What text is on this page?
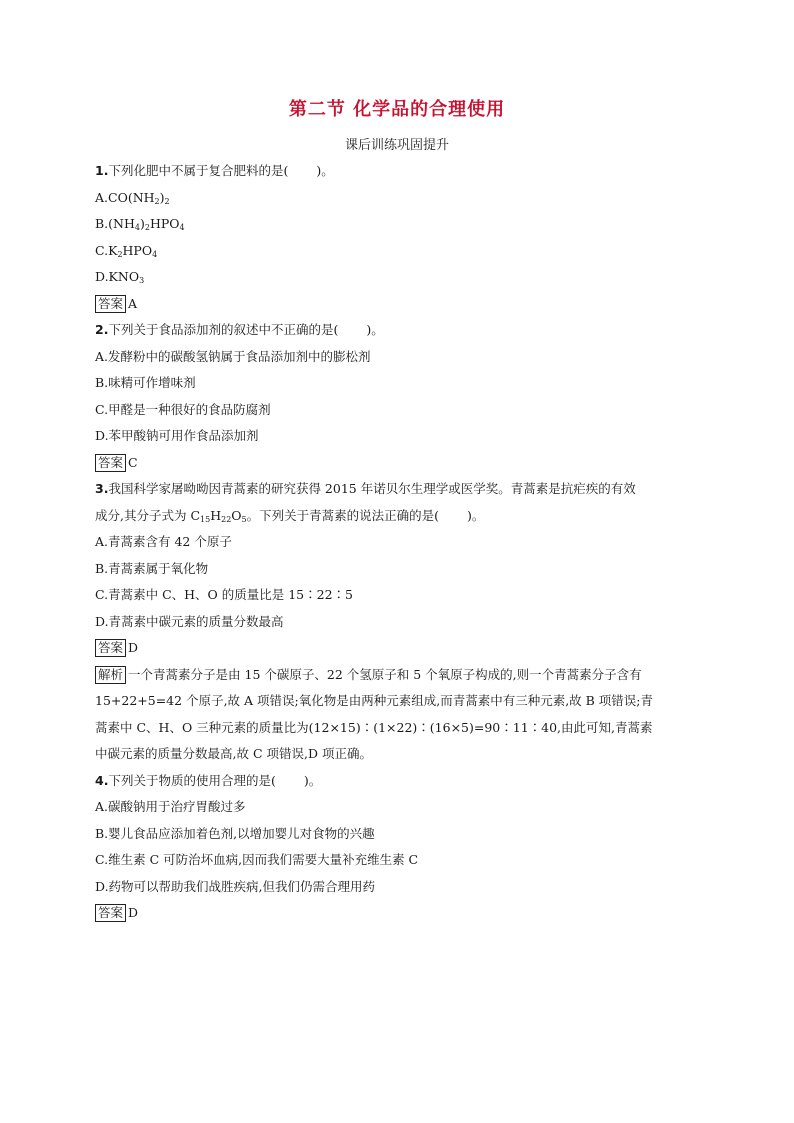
第二节 化学品的合理使用
课后训练巩固提升
1.下列化肥中不属于复合肥料的是( )。
$A.CO(NH_2)_2$
$B.(NH_4)_2HPO_4$
$C.K_2HPO_4$
$D.KNO_3$
答案 A
2.下列关于食品添加剂的叙述中不正确的是( )。
A.发酵粉中的碳酸氢钠属于食品添加剂中的膨松剂
B.味精可作增味剂
C.甲醛是一种很好的食品防腐剂
D.苯甲酸钠可用作食品添加剂
答案 C
3.我国科学家屠呦呦因青蒿素的研究获得 2015 年诺贝尔生理学或医学奖。青蒿素是抗疟疾的有效
成分,其分子式为 $C_{15}H_{22}O_5$。下列关于青蒿素的说法正确的是( )。
A.青蒿素含有 42 个原子
B.青蒿素属于氧化物
C.青蒿素中 C、H、O 的质量比是 15∶22∶5
D.青蒿素中碳元素的质量分数最高
答案 D
解析 一个青蒿素分子是由 15 个碳原子、22 个氢原子和 5 个氧原子构成的,则一个青蒿素分子含有
15+22+5=42 个原子,故 A 项错误;氧化物是由两种元素组成,而青蒿素中有三种元素,故 B 项错误;青
蒿素中 C、H、O 三种元素的质量比为(12×15)∶(1×22)∶(16×5)=90∶11∶40,由此可知,青蒿素
中碳元素的质量分数最高,故 C 项错误,D 项正确。
4.下列关于物质的使用合理的是( )。
A.碳酸钠用于治疗胃酸过多
B.婴儿食品应添加着色剂,以增加婴儿对食物的兴趣
C.维生素 C 可防治坏血病,因而我们需要大量补充维生素 C
D.药物可以帮助我们战胜疾病,但我们仍需合理用药
答案 D
